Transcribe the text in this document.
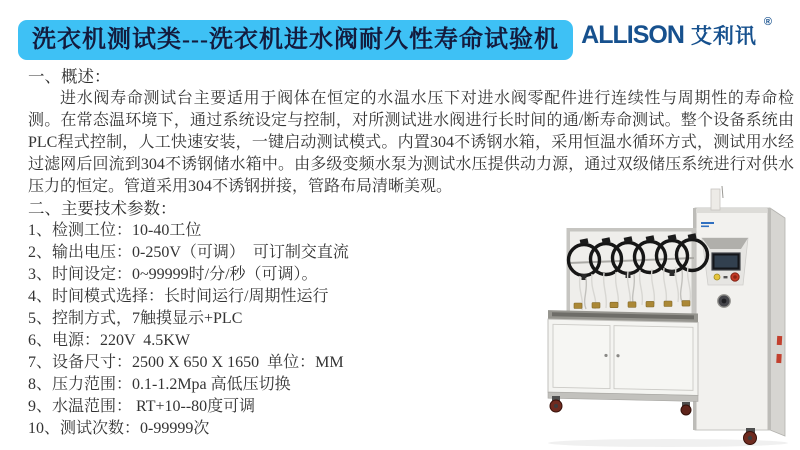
洗衣机测试类---洗衣机进水阀耐久性寿命试验机 ALLISON 艾利讯
®
一、概述：

进水阀寿命测试台主要适用于阀体在恒定的水温水压下对进水阀零配件进行连续性与周期性的寿命检测。在常态温环境下，通过系统设定与控制，对所测试进水阀进行长时间的通/断寿命测试。整个设备系统由PLC程式控制，人工快速安装，一键启动测试模式。内置304不诱钢水箱，采用恒温水循环方式，测试用水经过滤网后回流到304不诱钢储水箱中。由多级变频水泵为测试水压提供动力源，通过双级储压系统进行对供水压力的恒定。管道采用304不诱钢拼接，管路布局清晰美观。

二、主要技术参数：
1、检测工位：10-40工位
2、输出电压：0-250V（可调）  可订制交直流
3、时间设定：0~99999时/分/秒（可调）。
4、时间模式选择：长时间运行/周期性运行
5、控制方式，7触摸显示+PLC
6、电源：220V  4.5KW
7、设备尺寸：2500 X 650 X 1650  单位：MM
8、压力范围：0.1-1.2Mpa 高低压切换
9、水温范围： RT+10--80度可调
10、测试次数：0-99999次
